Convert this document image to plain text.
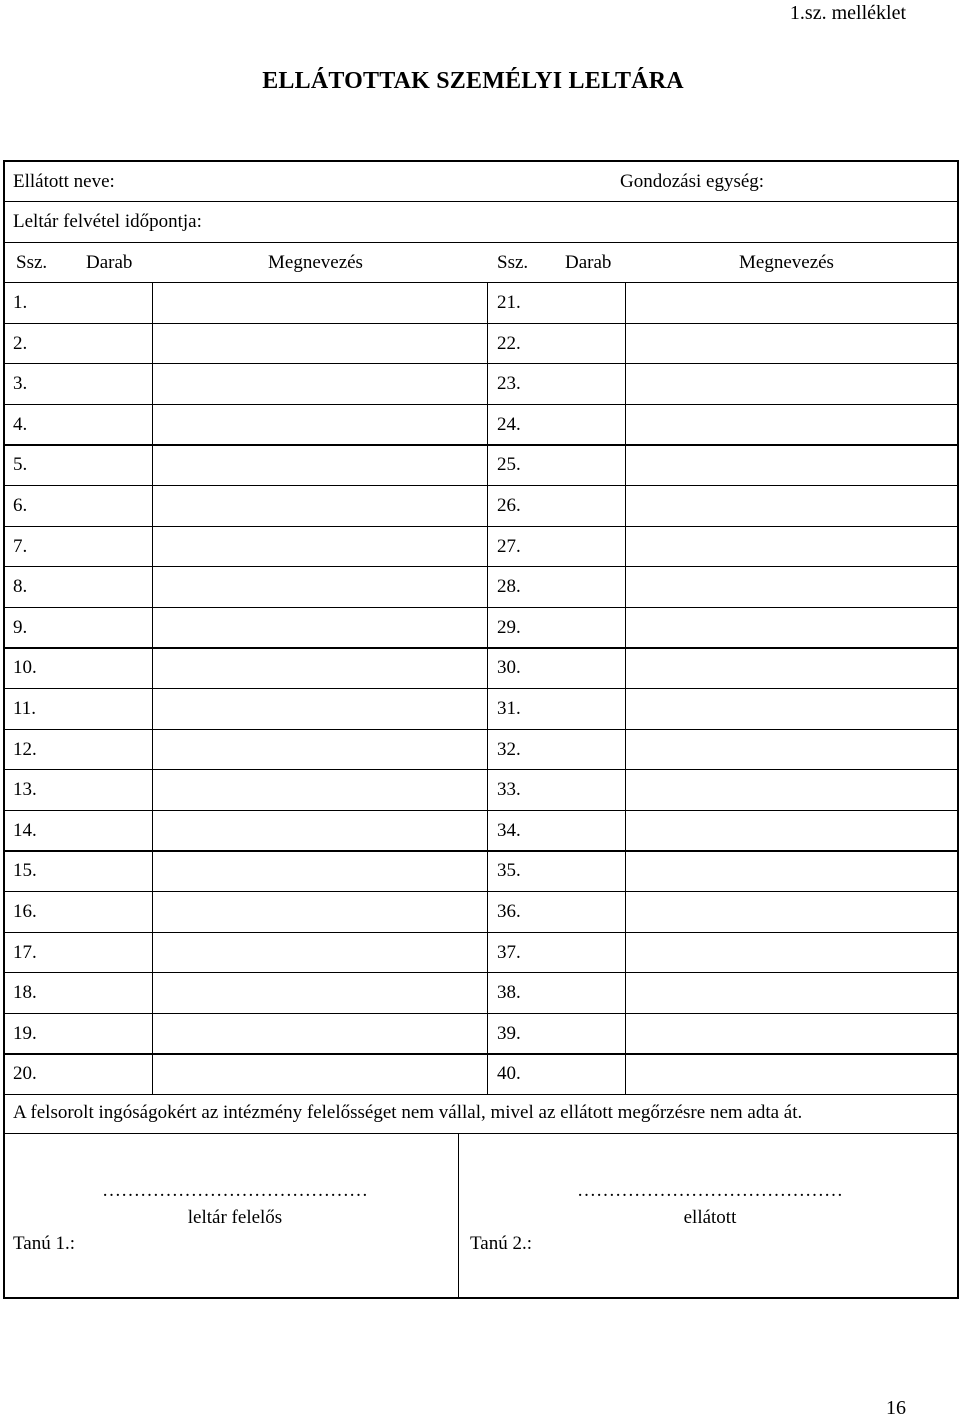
1.sz. melléklet
ELLÁTOTTAK SZEMÉLYI LELTÁRA
Ellátott neve:	Gondozási egység:
Leltár felvétel időpontja:
Ssz. Darab	Megnevezés	Ssz. Darab	Megnevezés
1.	21.
2.	22.
3.	23.
4.	24.
5.	25.
6.	26.
7.	27.
8.	28.
9.	29.
10.	30.
11.	31.
12.	32.
13.	33.
14.	34.
15.	35.
16.	36.
17.	37.
18.	38.
19.	39.
20.	40.
A felsorolt ingóságokért az intézmény felelősséget nem vállal, mivel az ellátott megőrzésre nem adta át.
……………………………………
leltár felelős
Tanú 1.:
……………………………………
ellátott
Tanú 2.:
16
